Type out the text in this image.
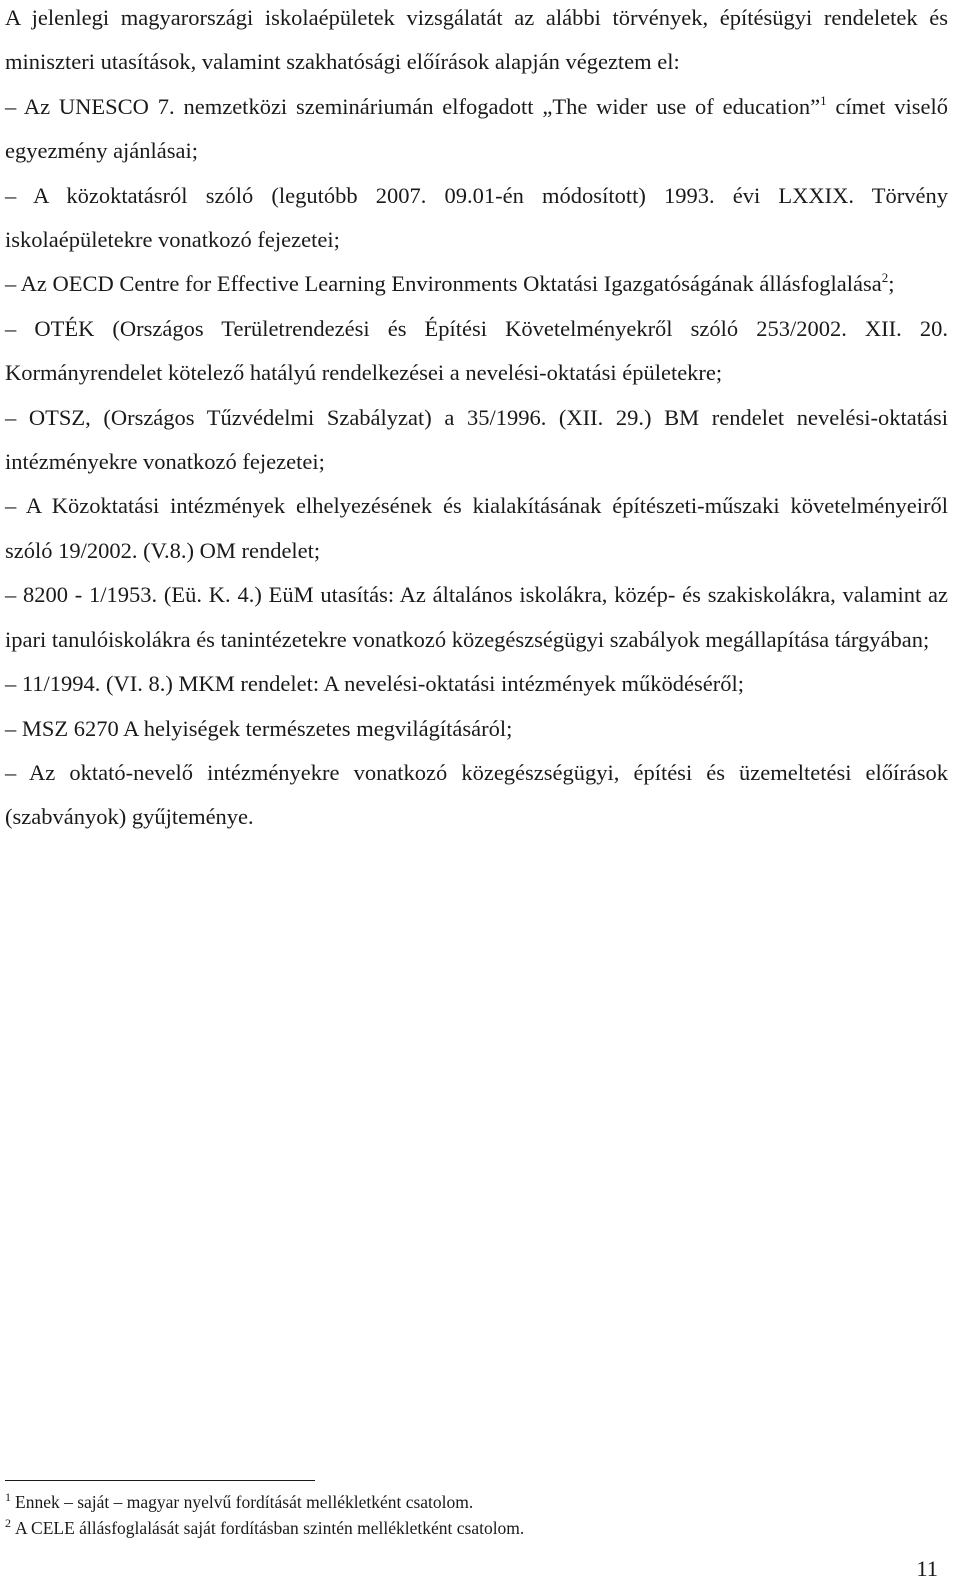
A jelenlegi magyarországi iskolaépületek vizsgálatát az alábbi törvények, építésügyi rendeletek és miniszteri utasítások, valamint szakhatósági előírások alapján végeztem el:

– Az UNESCO 7. nemzetközi szemináriumán elfogadott „The wider use of education”$^1$ címet viselő egyezmény ajánlásai;

– A közoktatásról szóló (legutóbb 2007. 09.01-én módosított) 1993. évi LXXIX. Törvény iskolaépületekre vonatkozó fejezetei;

– Az OECD Centre for Effective Learning Environments Oktatási Igazgatóságának állásfoglalása$^2$;

– OTÉK (Országos Területrendezési és Építési Követelményekről szóló 253/2002. XII. 20. Kormányrendelet kötelező hatályú rendelkezései a nevelési-oktatási épületekre;

– OTSZ, (Országos Tűzvédelmi Szabályzat) a 35/1996. (XII. 29.) BM rendelet nevelési-oktatási intézményekre vonatkozó fejezetei;

– A Közoktatási intézmények elhelyezésének és kialakításának építészeti-műszaki követelményeiről szóló 19/2002. (V.8.) OM rendelet;

– 8200 - 1/1953. (Eü. K. 4.) EüM utasítás: Az általános iskolákra, közép- és szakiskolákra, valamint az ipari tanulóiskolákra és tanintézetekre vonatkozó közegészségügyi szabályok megállapítása tárgyában;

– 11/1994. (VI. 8.) MKM rendelet: A nevelési-oktatási intézmények működéséről;

– MSZ 6270 A helyiségek természetes megvilágításáról;

– Az oktató-nevelő intézményekre vonatkozó közegészségügyi, építési és üzemeltetési előírások (szabványok) gyűjteménye.

$^1$ Ennek – saját – magyar nyelvű fordítását mellékletként csatolom.

$^2$ A CELE állásfoglalását saját fordításban szintén mellékletként csatolom.

11
